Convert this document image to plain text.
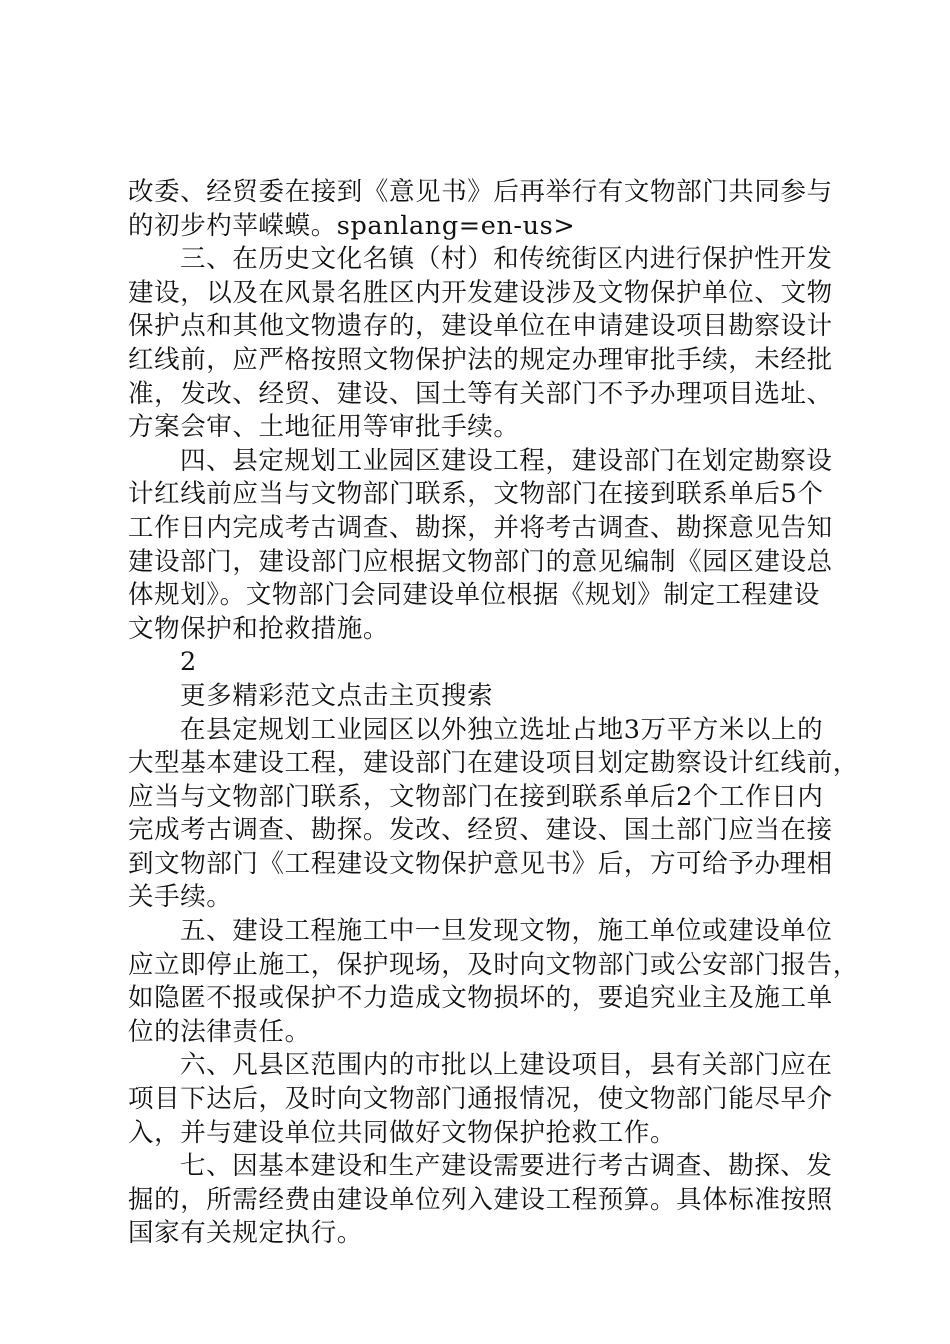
改委、经贸委在接到《意见书》后再举行有文物部门共同参与
的初步杓苹嵘蟆。spanlang=en-us>
三、在历史文化名镇（村）和传统街区内进行保护性开发
建设，以及在风景名胜区内开发建设涉及文物保护单位、文物
保护点和其他文物遗存的，建设单位在申请建设项目勘察设计
红线前，应严格按照文物保护法的规定办理审批手续，未经批
准，发改、经贸、建设、国土等有关部门不予办理项目选址、
方案会审、土地征用等审批手续。
四、县定规划工业园区建设工程，建设部门在划定勘察设
计红线前应当与文物部门联系，文物部门在接到联系单后5个
工作日内完成考古调查、勘探，并将考古调查、勘探意见告知
建设部门，建设部门应根据文物部门的意见编制《园区建设总
体规划》。文物部门会同建设单位根据《规划》制定工程建设
文物保护和抢救措施。
2
更多精彩范文点击主页搜索
在县定规划工业园区以外独立选址占地3万平方米以上的
大型基本建设工程，建设部门在建设项目划定勘察设计红线前，
应当与文物部门联系，文物部门在接到联系单后2个工作日内
完成考古调查、勘探。发改、经贸、建设、国土部门应当在接
到文物部门《工程建设文物保护意见书》后，方可给予办理相
关手续。
五、建设工程施工中一旦发现文物，施工单位或建设单位
应立即停止施工，保护现场，及时向文物部门或公安部门报告，
如隐匿不报或保护不力造成文物损坏的，要追究业主及施工单
位的法律责任。
六、凡县区范围内的市批以上建设项目，县有关部门应在
项目下达后，及时向文物部门通报情况，使文物部门能尽早介
入，并与建设单位共同做好文物保护抢救工作。
七、因基本建设和生产建设需要进行考古调查、勘探、发
掘的，所需经费由建设单位列入建设工程预算。具体标准按照
国家有关规定执行。
